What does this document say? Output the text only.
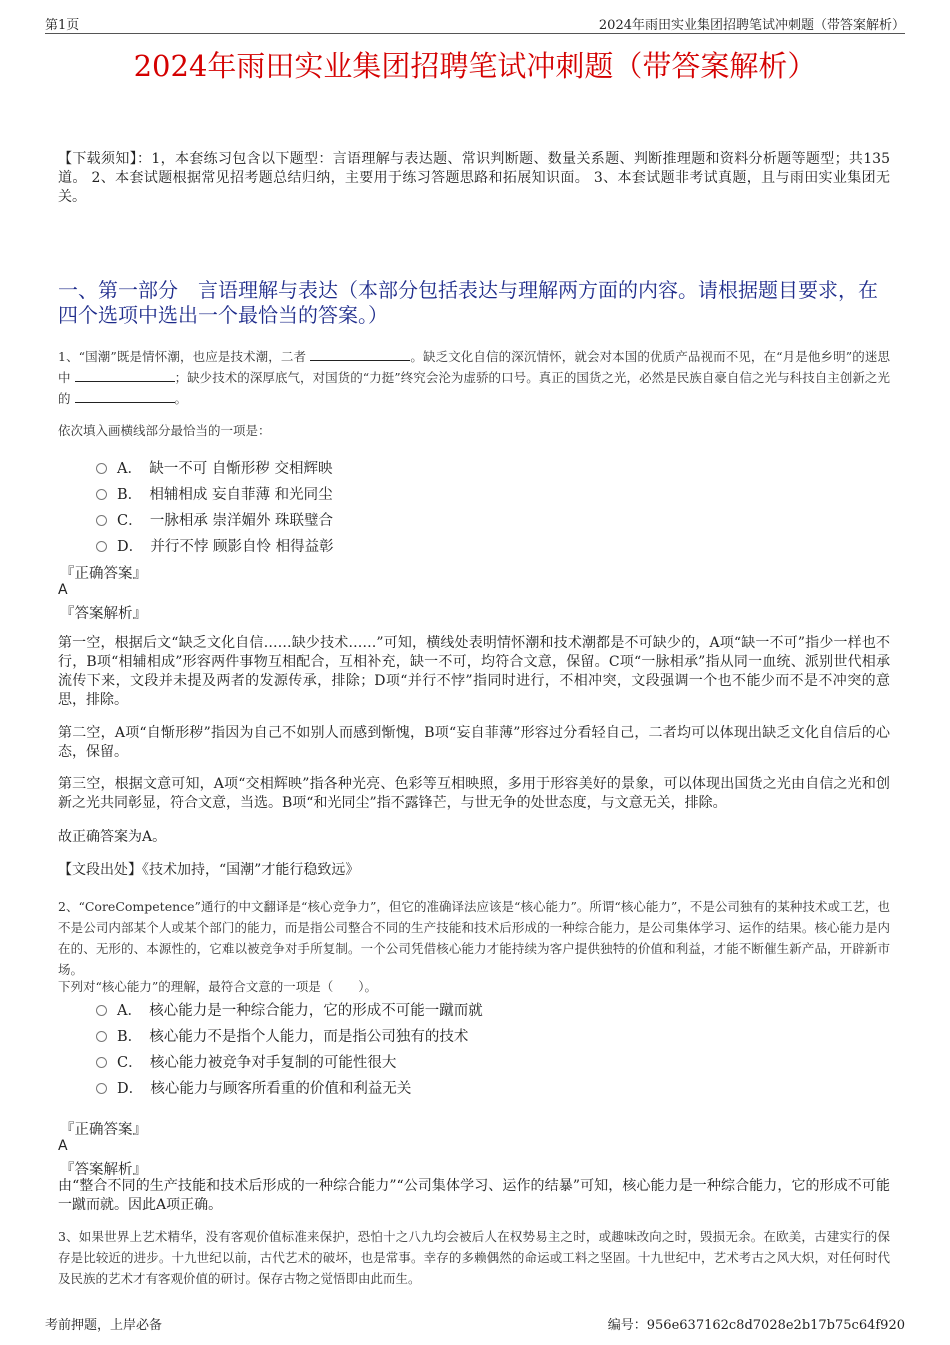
第1页	2024年雨田实业集团招聘笔试冲刺题（带答案解析）
2024年雨田实业集团招聘笔试冲刺题（带答案解析）
【下载须知】：1，本套练习包含以下题型：言语理解与表达题、常识判断题、数量关系题、判断推理题和资料分析题等题型；共135道。 2、本套试题根据常见招考题总结归纳，主要用于练习答题思路和拓展知识面。 3、本套试题非考试真题，且与雨田实业集团无关。
一、第一部分　言语理解与表达（本部分包括表达与理解两方面的内容。请根据题目要求，在四个选项中选出一个最恰当的答案。）
1、“国潮”既是情怀潮，也应是技术潮，二者	。缺乏文化自信的深沉情怀，就会对本国的优质产品视而不见，在“月是他乡明”的迷思中	；缺少技术的深厚底气，对国货的“力挺”终究会沦为虚骄的口号。真正的国货之光，必然是民族自豪自信之光与科技自主创新之光的	。
依次填入画横线部分最恰当的一项是：
A．　缺一不可 自惭形秽 交相辉映
B．　相辅相成 妄自菲薄 和光同尘
C．　一脉相承 崇洋媚外 珠联璧合
D．　并行不悖 顾影自怜 相得益彰
『正确答案』
A
『答案解析』
第一空，根据后文“缺乏文化自信……缺少技术……”可知，横线处表明情怀潮和技术潮都是不可缺少的，A项“缺一不可”指少一样也不行，B项“相辅相成”形容两件事物互相配合，互相补充，缺一不可，均符合文意，保留。C项“一脉相承”指从同一血统、派别世代相承流传下来，文段并未提及两者的发源传承，排除；D项“并行不悖”指同时进行，不相冲突，文段强调一个也不能少而不是不冲突的意思，排除。
第二空，A项“自惭形秽”指因为自己不如别人而感到惭愧，B项“妄自菲薄”形容过分看轻自己，二者均可以体现出缺乏文化自信后的心态，保留。
第三空，根据文意可知，A项“交相辉映”指各种光亮、色彩等互相映照，多用于形容美好的景象，可以体现出国货之光由自信之光和创新之光共同彰显，符合文意，当选。B项“和光同尘”指不露锋芒，与世无争的处世态度，与文意无关，排除。
故正确答案为A。
【文段出处】《技术加持，“国潮”才能行稳致远》
2、“CoreCompetence”通行的中文翻译是“核心竞争力”，但它的准确译法应该是“核心能力”。所谓“核心能力”，不是公司独有的某种技术或工艺，也不是公司内部某个人或某个部门的能力，而是指公司整合不同的生产技能和技术后形成的一种综合能力，是公司集体学习、运作的结果。核心能力是内在的、无形的、本源性的，它难以被竞争对手所复制。一个公司凭借核心能力才能持续为客户提供独特的价值和利益，才能不断催生新产品，开辟新市场。
下列对“核心能力”的理解，最符合文意的一项是（　　）。
A．　核心能力是一种综合能力，它的形成不可能一蹴而就
B．　核心能力不是指个人能力，而是指公司独有的技术
C．　核心能力被竞争对手复制的可能性很大
D．　核心能力与顾客所看重的价值和利益无关
『正确答案』
A
『答案解析』
由“整合不同的生产技能和技术后形成的一种综合能力”“公司集体学习、运作的结暴”可知，核心能力是一种综合能力，它的形成不可能一蹴而就。因此A项正确。
3、如果世界上艺术精华，没有客观价值标准来保护，恐怕十之八九均会被后人在权势易主之时，或趣味改向之时，毁损无余。在欧美，古建实行的保存是比较近的进步。十九世纪以前，古代艺术的破坏，也是常事。幸存的多赖偶然的命运或工料之坚固。十九世纪中，艺术考古之风大炽，对任何时代及民族的艺术才有客观价值的研讨。保存古物之觉悟即由此而生。
考前押题，上岸必备	编号：956e637162c8d7028e2b17b75c64f920
